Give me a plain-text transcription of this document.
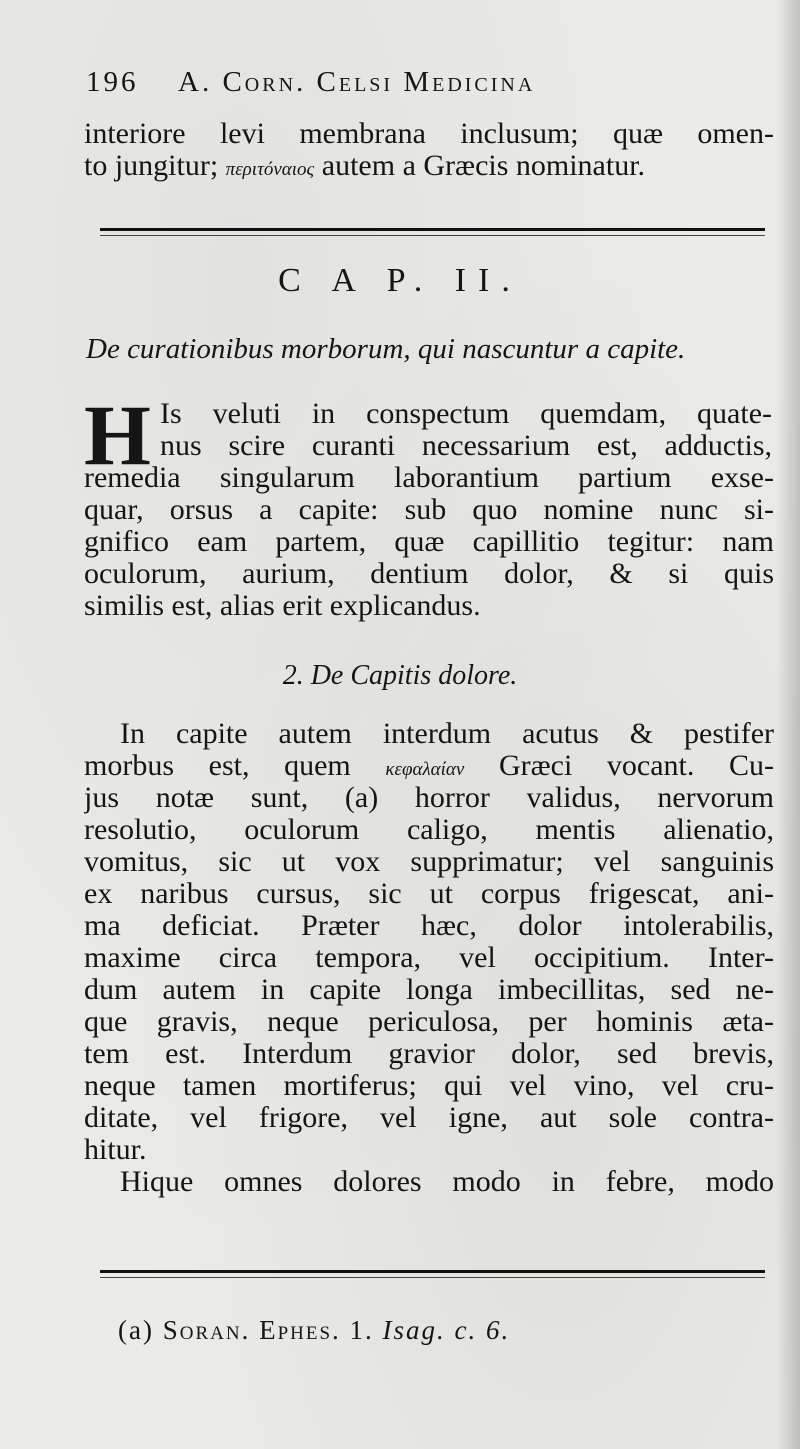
196 A. Corn. Celsi Medicina
interiore levi membrana inclusum; quæ omen-
to jungitur; περιτόναιος autem a Græcis nominatur.
C A P. II.
De curationibus morborum, qui nascuntur a capite.
H Is veluti in conspectum quemdam, quate-
nus scire curanti necessarium est, adductis,
remedia singularum laborantium partium exse-
quar, orsus a capite: sub quo nomine nunc si-
gnifico eam partem, quæ capillitio tegitur: nam
oculorum, aurium, dentium dolor, & si quis
similis est, alias erit explicandus.
2. De Capitis dolore.
In capite autem interdum acutus & pestifer
morbus est, quem κεφαλαίαν Græci vocant. Cu-
jus notæ sunt, (a) horror validus, nervorum
resolutio, oculorum caligo, mentis alienatio,
vomitus, sic ut vox supprimatur; vel sanguinis
ex naribus cursus, sic ut corpus frigescat, ani-
ma deficiat. Præter hæc, dolor intolerabilis,
maxime circa tempora, vel occipitium. Inter-
dum autem in capite longa imbecillitas, sed ne-
que gravis, neque periculosa, per hominis æta-
tem est. Interdum gravior dolor, sed brevis,
neque tamen mortiferus; qui vel vino, vel cru-
ditate, vel frigore, vel igne, aut sole contra-
hitur.
Hique omnes dolores modo in febre, modo
(a) Soran. Ephes. 1. Isag. c. 6.
